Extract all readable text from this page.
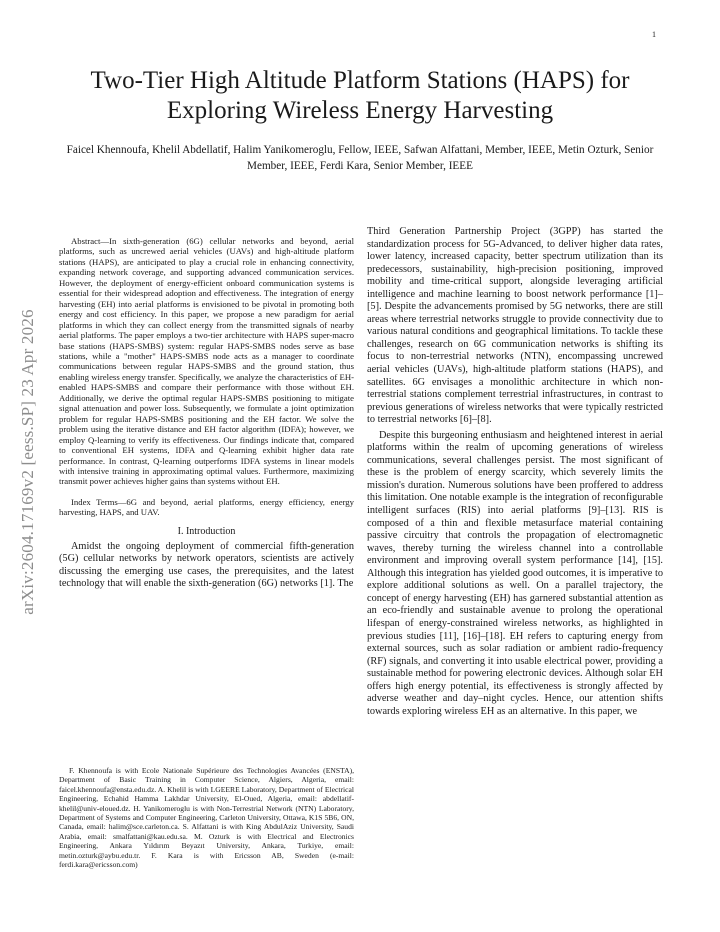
1
arXiv:2604.17169v2 [eess.SP] 23 Apr 2026
Two-Tier High Altitude Platform Stations (HAPS) for Exploring Wireless Energy Harvesting

Faicel Khennoufa, Khelil Abdellatif, Halim Yanikomeroglu, Fellow, IEEE, Safwan Alfattani, Member, IEEE, Metin Ozturk, Senior Member, IEEE, Ferdi Kara, Senior Member, IEEE

Abstract—In sixth-generation (6G) cellular networks and beyond, aerial platforms, such as uncrewed aerial vehicles (UAVs) and high-altitude platform stations (HAPS), are anticipated to play a crucial role in enhancing connectivity, expanding network coverage, and supporting advanced communication services. However, the deployment of energy-efficient onboard communication systems is essential for their widespread adoption and effectiveness. The integration of energy harvesting (EH) into aerial platforms is envisioned to be pivotal in promoting both energy and cost efficiency. In this paper, we propose a new paradigm for aerial platforms in which they can collect energy from the transmitted signals of nearby aerial platforms. The paper employs a two-tier architecture with HAPS super-macro base stations (HAPS-SMBS) system: regular HAPS-SMBS nodes serve as base stations, while a "mother" HAPS-SMBS node acts as a manager to coordinate communications between regular HAPS-SMBS and the ground station, thus enabling wireless energy transfer. Specifically, we analyze the characteristics of EH-enabled HAPS-SMBS and compare their performance with those without EH. Additionally, we derive the optimal regular HAPS-SMBS positioning to mitigate signal attenuation and power loss. Subsequently, we formulate a joint optimization problem for regular HAPS-SMBS positioning and the EH factor. We solve the problem using the iterative distance and EH factor algorithm (IDFA); however, we employ Q-learning to verify its effectiveness. Our findings indicate that, compared to conventional EH systems, IDFA and Q-learning exhibit higher data rate performance. In contrast, Q-learning outperforms IDFA systems in linear models with intensive training in approximating optimal values. Furthermore, maximizing transmit power achieves higher gains than systems without EH.

Index Terms—6G and beyond, aerial platforms, energy efficiency, energy harvesting, HAPS, and UAV.

I. Introduction

Amidst the ongoing deployment of commercial fifth-generation (5G) cellular networks by network operators, scientists are actively discussing the emerging use cases, the prerequisites, and the latest technology that will enable the sixth-generation (6G) networks [1]. The

F. Khennoufa is with Ecole Nationale Supérieure des Technologies Avancées (ENSTA), Department of Basic Training in Computer Science, Algiers, Algeria, email: faicel.khennoufa@ensta.edu.dz. A. Khelil is with LGEERE Laboratory, Department of Electrical Engineering, Echahid Hamma Lakhdar University, El-Oued, Algeria, email: abdellatif-khelil@univ-eloued.dz. H. Yanikomeroglu is with Non-Terrestrial Network (NTN) Laboratory, Department of Systems and Computer Engineering, Carleton University, Ottawa, K1S 5B6, ON, Canada, email: halim@sce.carleton.ca. S. Alfattani is with King AbdulAziz University, Saudi Arabia, email: smalfattani@kau.edu.sa. M. Ozturk is with Electrical and Electronics Engineering, Ankara Yıldırım Beyazıt University, Ankara, Turkiye, email: metin.ozturk@aybu.edu.tr. F. Kara is with Ericsson AB, Sweden (e-mail: ferdi.kara@ericsson.com)

Third Generation Partnership Project (3GPP) has started the standardization process for 5G-Advanced, to deliver higher data rates, lower latency, increased capacity, better spectrum utilization than its predecessors, sustainability, high-precision positioning, improved mobility and time-critical support, alongside leveraging artificial intelligence and machine learning to boost network performance [1]–[5]. Despite the advancements promised by 5G networks, there are still areas where terrestrial networks struggle to provide connectivity due to various natural conditions and geographical limitations. To tackle these challenges, research on 6G communication networks is shifting its focus to non-terrestrial networks (NTN), encompassing uncrewed aerial vehicles (UAVs), high-altitude platform stations (HAPS), and satellites. 6G envisages a monolithic architecture in which non-terrestrial stations complement terrestrial infrastructures, in contrast to previous generations of wireless networks that were typically restricted to terrestrial networks [6]–[8].

Despite this burgeoning enthusiasm and heightened interest in aerial platforms within the realm of upcoming generations of wireless communications, several challenges persist. The most significant of these is the problem of energy scarcity, which severely limits the mission's duration. Numerous solutions have been proffered to address this limitation. One notable example is the integration of reconfigurable intelligent surfaces (RIS) into aerial platforms [9]–[13]. RIS is composed of a thin and flexible metasurface material containing passive circuitry that controls the propagation of electromagnetic waves, thereby turning the wireless channel into a controllable environment and improving overall system performance [14], [15]. Although this integration has yielded good outcomes, it is imperative to explore additional solutions as well. On a parallel trajectory, the concept of energy harvesting (EH) has garnered substantial attention as an eco-friendly and sustainable avenue to prolong the operational lifespan of energy-constrained wireless networks, as highlighted in previous studies [11], [16]–[18]. EH refers to capturing energy from external sources, such as solar radiation or ambient radio-frequency (RF) signals, and converting it into usable electrical power, providing a sustainable method for powering electronic devices. Although solar EH offers high energy potential, its effectiveness is strongly affected by adverse weather and day–night cycles. Hence, our attention shifts towards exploring wireless EH as an alternative. In this paper, we
